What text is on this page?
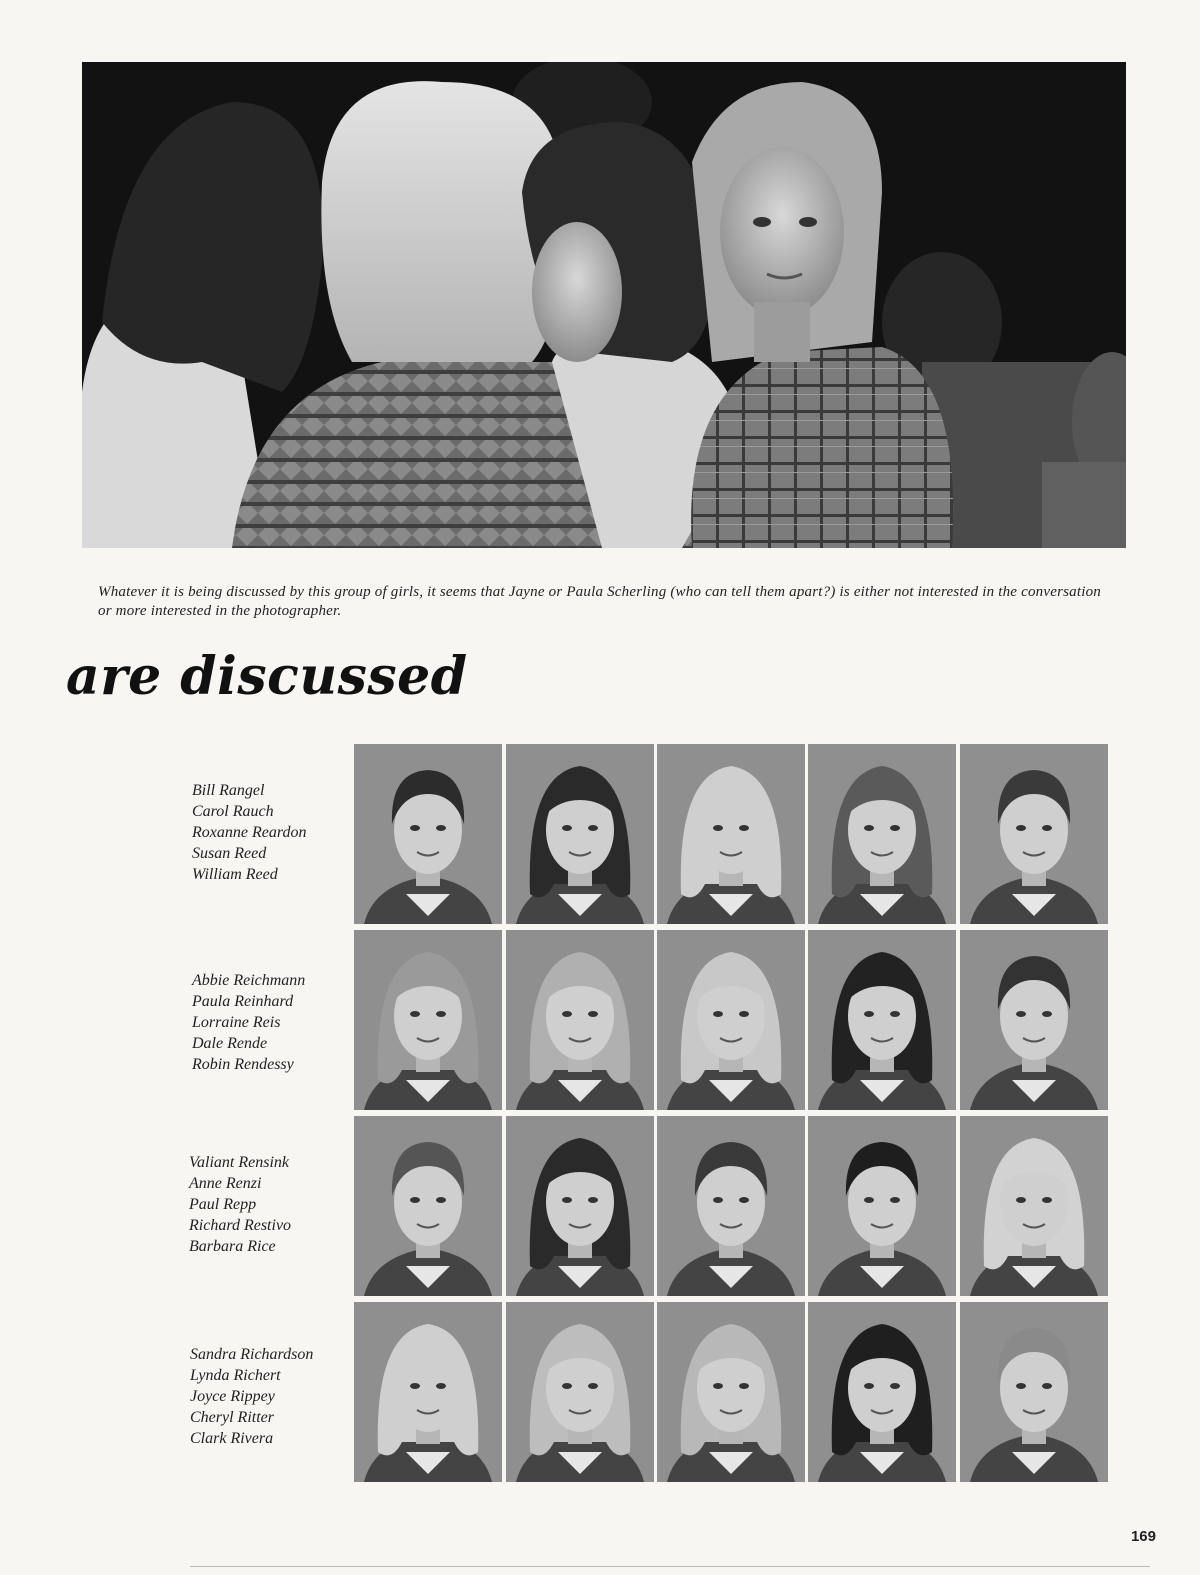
Whatever it is being discussed by this group of girls, it seems that Jayne or Paula Scherling (who can tell them apart?) is either not interested in the conversation or more interested in the photographer.

are discussed
Bill Rangel
Carol Rauch
Roxanne Reardon
Susan Reed
William Reed
Abbie Reichmann
Paula Reinhard
Lorraine Reis
Dale Rende
Robin Rendessy
Valiant Rensink
Anne Renzi
Paul Repp
Richard Restivo
Barbara Rice
Sandra Richardson
Lynda Richert
Joyce Rippey
Cheryl Ritter
Clark Rivera
169
